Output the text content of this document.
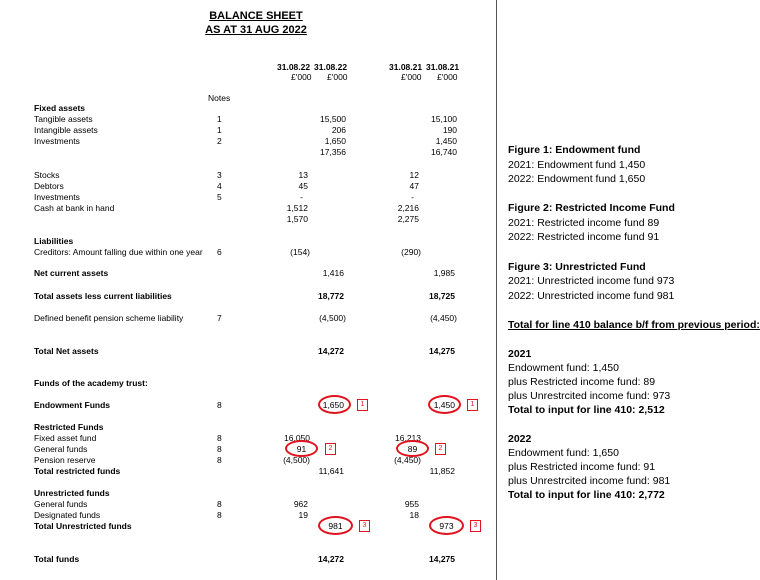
BALANCE SHEET
AS AT 31 AUG 2022
31.08.22 31.08.22	31.08.21 31.08.21
£'000 £'000	£'000 £'000
Notes
Fixed assets
Tangible assets	1	15,500	15,100
Intangible assets	1	206	190
Investments	2	1,650	1,450
17,356	16,740
Stocks	3	13	12
Debtors	4	45	47
Investments	5	-	-
Cash at bank in hand	1,512	2,216
1,570	2,275
Liabilities
Creditors: Amount falling due within one year 6	(154)	(290)
Net current assets	1,416	1,985
Total assets less current liabilities	18,772	18,725
Defined benefit pension scheme liability	7	(4,500)	(4,450)
Total Net assets	14,272	14,275
Funds of the academy trust:
Endowment Funds	8	1,650	1	1,450	1
Restricted Funds
Fixed asset fund	8	16,050	16,213
General funds	8	91	2	89	2
Pension reserve	8	(4,500)	(4,450)
Total restricted funds	11,641	11,852
Unrestricted funds
General funds	8	962	955
Designated funds	8	19	18
Total Unrestricted funds	981	3	973	3
Total funds	14,272	14,275
Figure 1: Endowment fund
2021: Endowment fund 1,450
2022: Endowment fund 1,650
Figure 2: Restricted Income Fund
2021: Restricted income fund 89
2022: Restricted income fund 91
Figure 3: Unrestricted Fund
2021: Unrestricted income fund 973
2022: Unrestricted income fund 981
Total for line 410 balance b/f from previous period:
2021
Endowment fund: 1,450
plus Restricted income fund: 89
plus Unrestrcited income fund: 973
Total to input for line 410: 2,512
2022
Endowment fund: 1,650
plus Restricted income fund: 91
plus Unrestrcited income fund: 981
Total to input for line 410: 2,772
